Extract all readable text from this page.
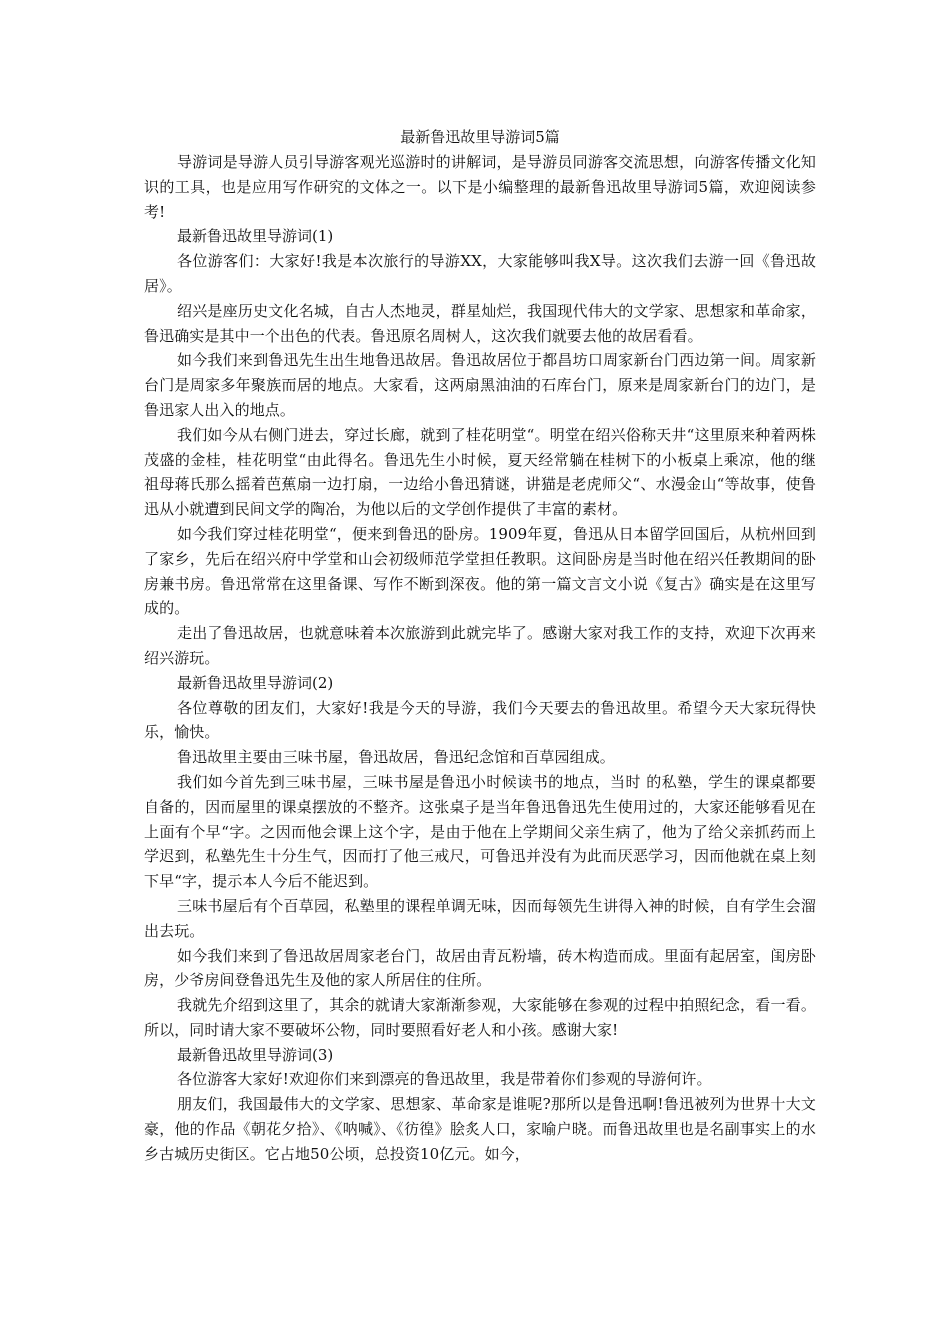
最新鲁迅故里导游词5篇

导游词是导游人员引导游客观光巡游时的讲解词，是导游员同游客交流思想，向游客传播文化知识的工具，也是应用写作研究的文体之一。以下是小编整理的最新鲁迅故里导游词5篇，欢迎阅读参考!

最新鲁迅故里导游词(1)

各位游客们：大家好!我是本次旅行的导游XX，大家能够叫我X导。这次我们去游一回《鲁迅故居》。

绍兴是座历史文化名城，自古人杰地灵，群星灿烂，我国现代伟大的文学家、思想家和革命家，鲁迅确实是其中一个出色的代表。鲁迅原名周树人，这次我们就要去他的故居看看。

如今我们来到鲁迅先生出生地鲁迅故居。鲁迅故居位于都昌坊口周家新台门西边第一间。周家新台门是周家多年聚族而居的地点。大家看，这两扇黑油油的石库台门，原来是周家新台门的边门，是鲁迅家人出入的地点。

我们如今从右侧门进去，穿过长廊，就到了桂花明堂“。明堂在绍兴俗称天井“这里原来种着两株茂盛的金桂，桂花明堂“由此得名。鲁迅先生小时候，夏天经常躺在桂树下的小板桌上乘凉，他的继祖母蒋氏那么摇着芭蕉扇一边打扇，一边给小鲁迅猜谜，讲猫是老虎师父“、水漫金山“等故事，使鲁迅从小就遭到民间文学的陶冶，为他以后的文学创作提供了丰富的素材。

如今我们穿过桂花明堂“，便来到鲁迅的卧房。1909年夏，鲁迅从日本留学回国后，从杭州回到了家乡，先后在绍兴府中学堂和山会初级师范学堂担任教职。这间卧房是当时他在绍兴任教期间的卧房兼书房。鲁迅常常在这里备课、写作不断到深夜。他的第一篇文言文小说《复古》确实是在这里写成的。

走出了鲁迅故居，也就意味着本次旅游到此就完毕了。感谢大家对我工作的支持，欢迎下次再来绍兴游玩。

最新鲁迅故里导游词(2)

各位尊敬的团友们，大家好!我是今天的导游，我们今天要去的鲁迅故里。希望今天大家玩得快乐，愉快。

鲁迅故里主要由三味书屋，鲁迅故居，鲁迅纪念馆和百草园组成。

我们如今首先到三味书屋，三味书屋是鲁迅小时候读书的地点，当时 的私塾，学生的课桌都要自备的，因而屋里的课桌摆放的不整齐。这张桌子是当年鲁迅鲁迅先生使用过的，大家还能够看见在上面有个早“字。之因而他会课上这个字，是由于他在上学期间父亲生病了，他为了给父亲抓药而上学迟到，私塾先生十分生气，因而打了他三戒尺，可鲁迅并没有为此而厌恶学习，因而他就在桌上刻下早“字，提示本人今后不能迟到。

三味书屋后有个百草园，私塾里的课程单调无味，因而每领先生讲得入神的时候，自有学生会溜出去玩。

如今我们来到了鲁迅故居周家老台门，故居由青瓦粉墙，砖木构造而成。里面有起居室，闺房卧房，少爷房间登鲁迅先生及他的家人所居住的住所。

我就先介绍到这里了，其余的就请大家渐渐参观，大家能够在参观的过程中拍照纪念，看一看。所以，同时请大家不要破坏公物，同时要照看好老人和小孩。感谢大家!

最新鲁迅故里导游词(3)

各位游客大家好!欢迎你们来到漂亮的鲁迅故里，我是带着你们参观的导游何许。

朋友们，我国最伟大的文学家、思想家、革命家是谁呢?那所以是鲁迅啊!鲁迅被列为世界十大文豪，他的作品《朝花夕拾》、《呐喊》、《彷徨》脍炙人口，家喻户晓。而鲁迅故里也是名副事实上的水乡古城历史街区。它占地50公顷，总投资10亿元。如今，
